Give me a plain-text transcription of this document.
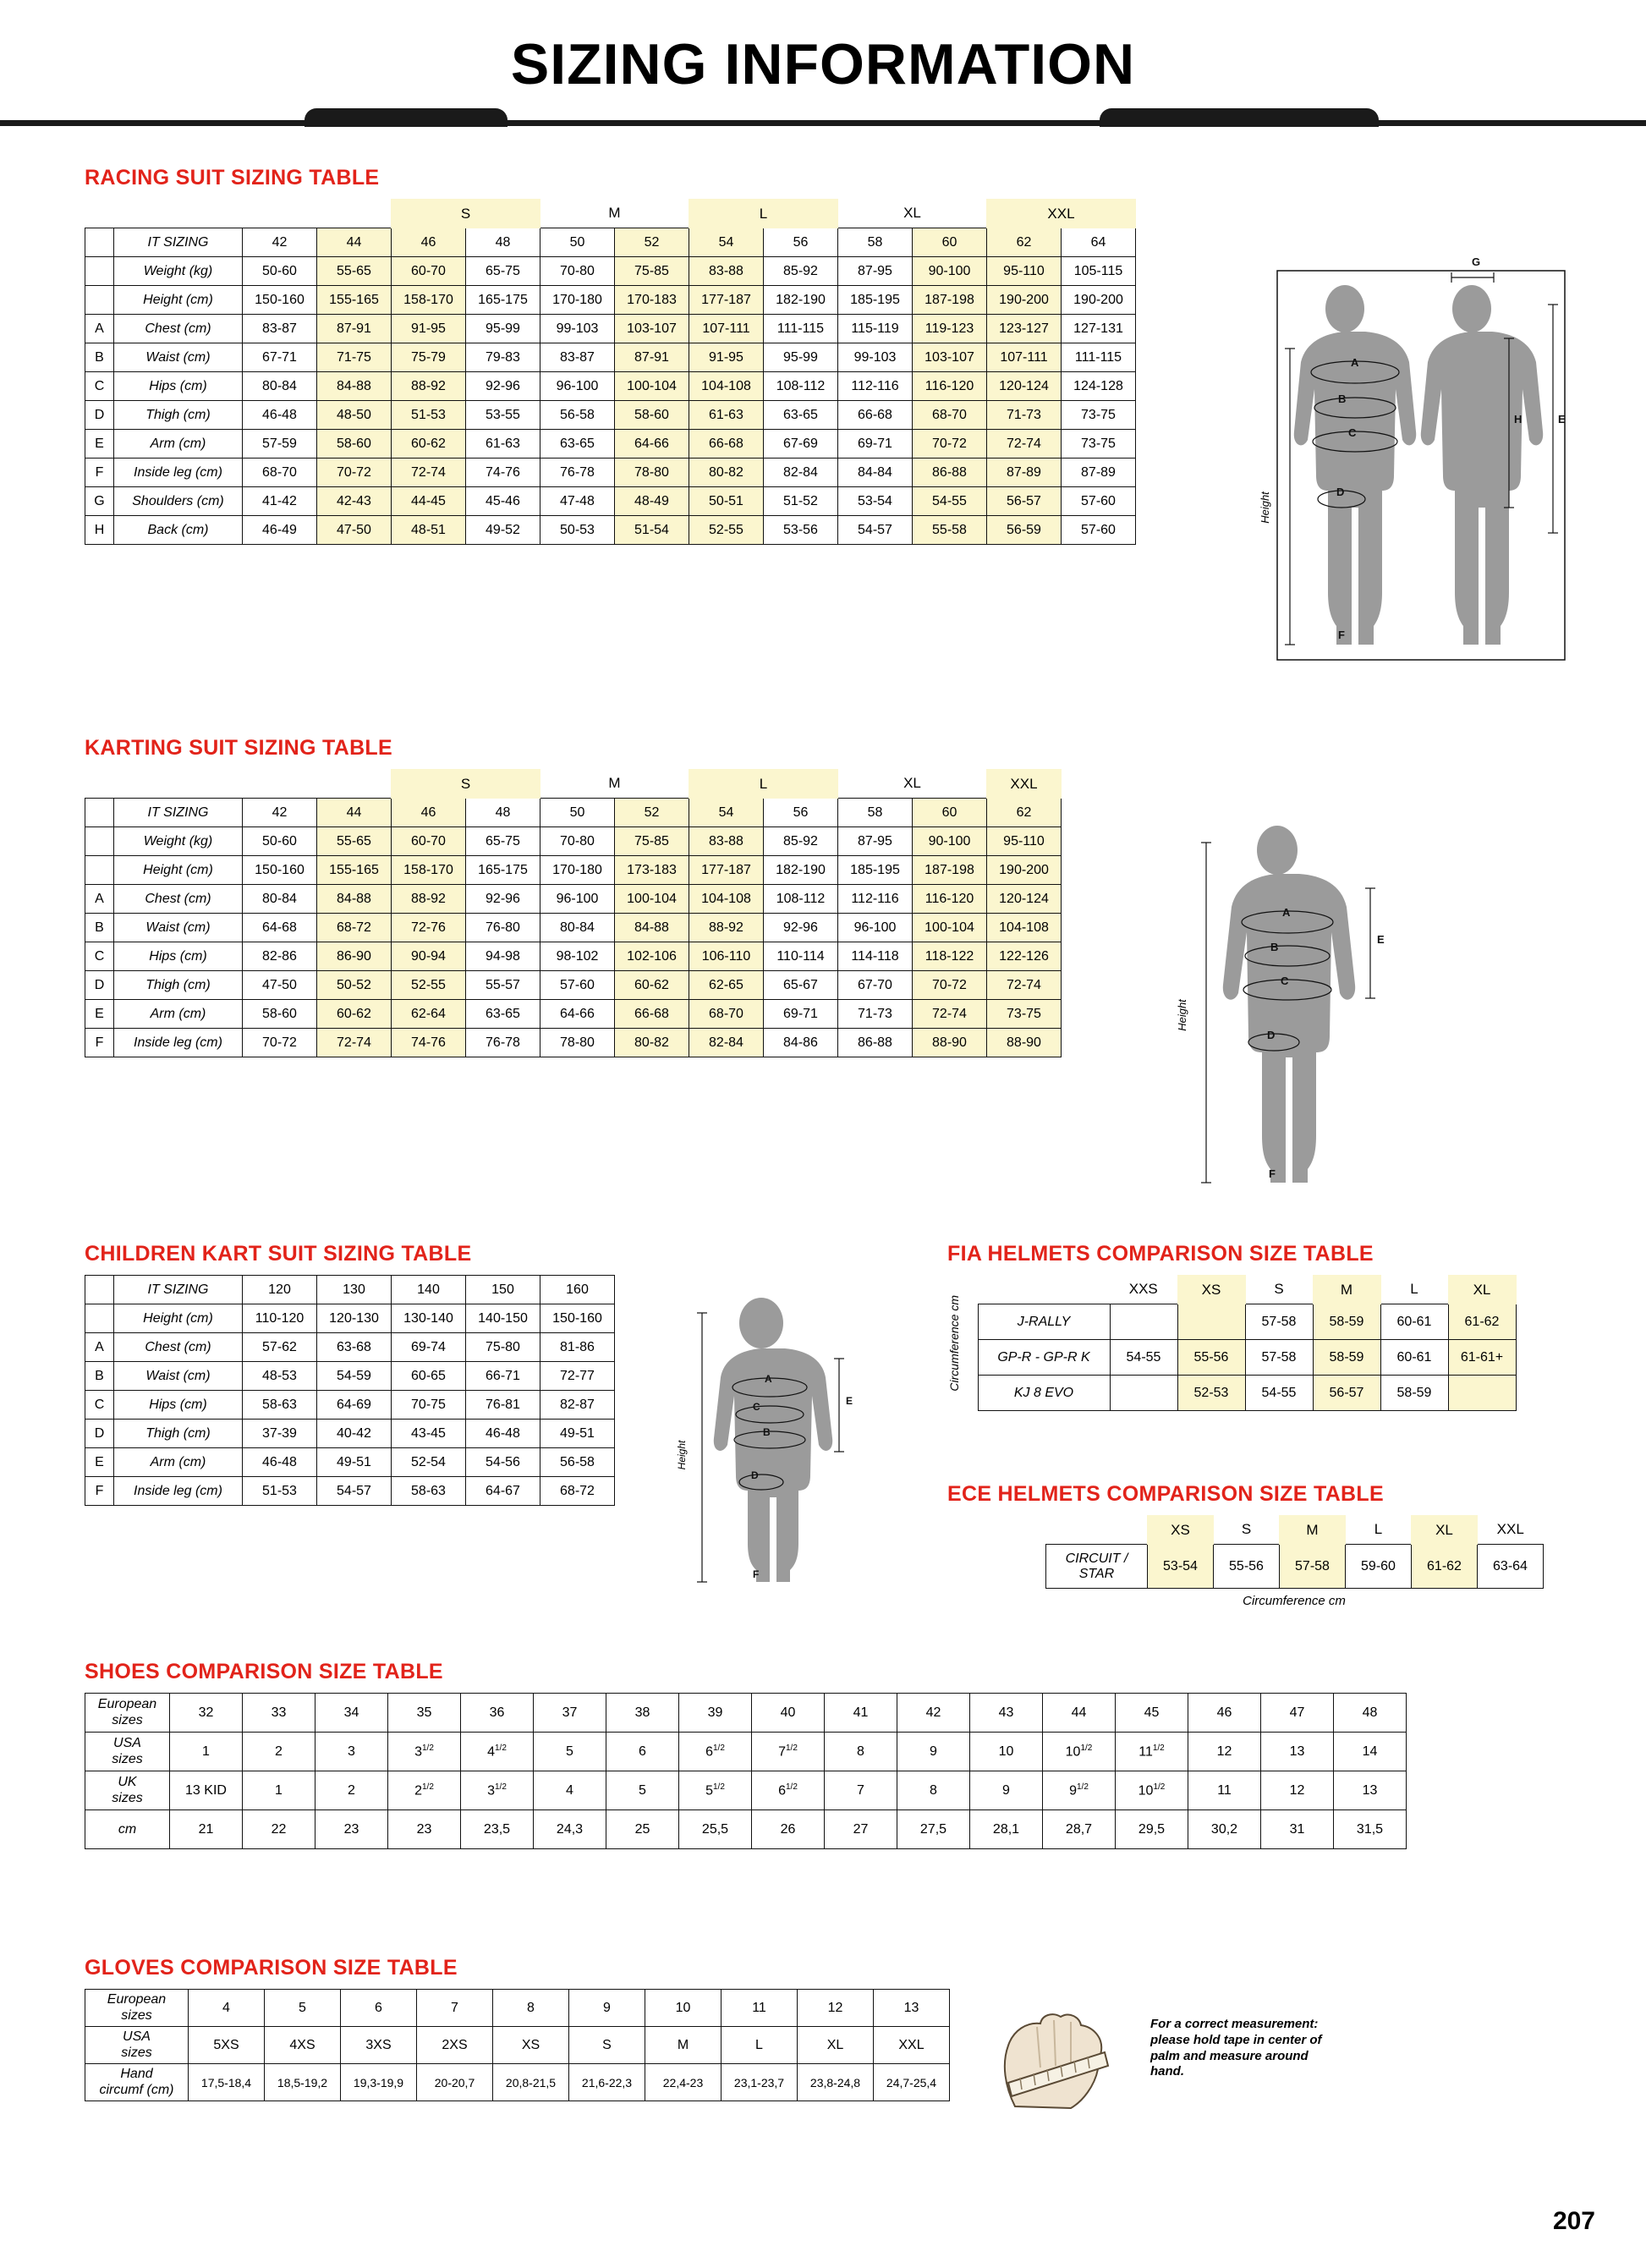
SIZING INFORMATION
RACING SUIT SIZING TABLE
				S		M		L		XL		XXL		
	IT SIZING	42	44	46	48	50	52	54	56	58	60	62	64	
	Weight (kg)	50-60	55-65	60-70	65-75	70-80	75-85	83-88	85-92	87-95	90-100	95-110	105-115	
	Height (cm)	150-160	155-165	158-170	165-175	170-180	170-183	177-187	182-190	185-195	187-198	190-200	190-200	
A	Chest (cm)	83-87	87-91	91-95	95-99	99-103	103-107	107-111	111-115	115-119	119-123	123-127	127-131	
B	Waist (cm)	67-71	71-75	75-79	79-83	83-87	87-91	91-95	95-99	99-103	103-107	107-111	111-115	
C	Hips (cm)	80-84	84-88	88-92	92-96	96-100	100-104	104-108	108-112	112-116	116-120	120-124	124-128	
D	Thigh (cm)	46-48	48-50	51-53	53-55	56-58	58-60	61-63	63-65	66-68	68-70	71-73	73-75	
E	Arm (cm)	57-59	58-60	60-62	61-63	63-65	64-66	66-68	67-69	69-71	70-72	72-74	73-75	
F	Inside leg (cm)	68-70	70-72	72-74	74-76	76-78	78-80	80-82	82-84	84-84	86-88	87-89	87-89	
G	Shoulders (cm)	41-42	42-43	44-45	45-46	47-48	48-49	50-51	51-52	53-54	54-55	56-57	57-60	
H	Back (cm)	46-49	47-50	48-51	49-52	50-53	51-54	52-55	53-56	54-57	55-58	56-59	57-60	
A
B
C
D
F
G
H	E
Height
KARTING SUIT SIZING TABLE
				S		M		L		XL		XXL
	IT SIZING	42	44	46	48	50	52	54	56	58	60	62
	Weight (kg)	50-60	55-65	60-70	65-75	70-80	75-85	83-88	85-92	87-95	90-100	95-110
	Height (cm)	150-160	155-165	158-170	165-175	170-180	173-183	177-187	182-190	185-195	187-198	190-200
A	Chest (cm)	80-84	84-88	88-92	92-96	96-100	100-104	104-108	108-112	112-116	116-120	120-124
B	Waist (cm)	64-68	68-72	72-76	76-80	80-84	84-88	88-92	92-96	96-100	100-104	104-108
C	Hips (cm)	82-86	86-90	90-94	94-98	98-102	102-106	106-110	110-114	114-118	118-122	122-126
D	Thigh (cm)	47-50	50-52	52-55	55-57	57-60	60-62	62-65	65-67	67-70	70-72	72-74
E	Arm (cm)	58-60	60-62	62-64	63-65	64-66	66-68	68-70	69-71	71-73	72-74	73-75
F	Inside leg (cm)	70-72	72-74	74-76	76-78	78-80	80-82	82-84	84-86	86-88	88-90	88-90
A
B
C
D
F
E
Height
CHILDREN KART SUIT SIZING TABLE
	IT SIZING	120	130	140	150	160
	Height (cm)	110-120	120-130	130-140	140-150	150-160
A	Chest (cm)	57-62	63-68	69-74	75-80	81-86
B	Waist (cm)	48-53	54-59	60-65	66-71	72-77
C	Hips (cm)	58-63	64-69	70-75	76-81	82-87
D	Thigh (cm)	37-39	40-42	43-45	46-48	49-51
E	Arm (cm)	46-48	49-51	52-54	54-56	56-58
F	Inside leg (cm)	51-53	54-57	58-63	64-67	68-72
A
C
B
D
F
E
Height
FIA HELMETS COMPARISON SIZE TABLE
Circumference cm		XXS	XS	S	M	L	XL
	J-RALLY			57-58	58-59	60-61	61-62
	GP-R - GP-R K	54-55	55-56	57-58	58-59	60-61	61-61+
	KJ 8 EVO		52-53	54-55	56-57	58-59	
ECE HELMETS COMPARISON SIZE TABLE
	XS	S	M	L	XL	XXL

CIRCUIT /
STAR	53-54	55-56	57-58	59-60	61-62	63-64
Circumference cm
SHOES COMPARISON SIZE TABLE
European
sizes	32	33	34	35	36	37	38	39	40	41	42	43	44	45	46	47	48

USA
sizes	1	2	3	$3^{1/2}$	$4^{1/2}$	5	6	$6^{1/2}$	$7^{1/2}$	8	9	10	$10^{1/2}$	$11^{1/2}$	12	13	14

UK
sizes	13 KID	1	2	$2^{1/2}$	$3^{1/2}$	4	5	$5^{1/2}$	$6^{1/2}$	7	8	9	$9^{1/2}$	$10^{1/2}$	11	12	13
cm	21	22	23	23	23,5	24,3	25	25,5	26	27	27,5	28,1	28,7	29,5	30,2	31	31,5
GLOVES COMPARISON SIZE TABLE
European
sizes	4	5	6	7	8	9	10	11	12	13

USA
sizes	5XS	4XS	3XS	2XS	XS	S	M	L	XL	XXL

Hand
circumf (cm)	17,5-18,4	18,5-19,2	19,3-19,9	20-20,7	20,8-21,5	21,6-22,3	22,4-23	23,1-23,7	23,8-24,8	24,7-25,4
For a correct measurement: please hold tape in center of palm and measure around hand.
207
